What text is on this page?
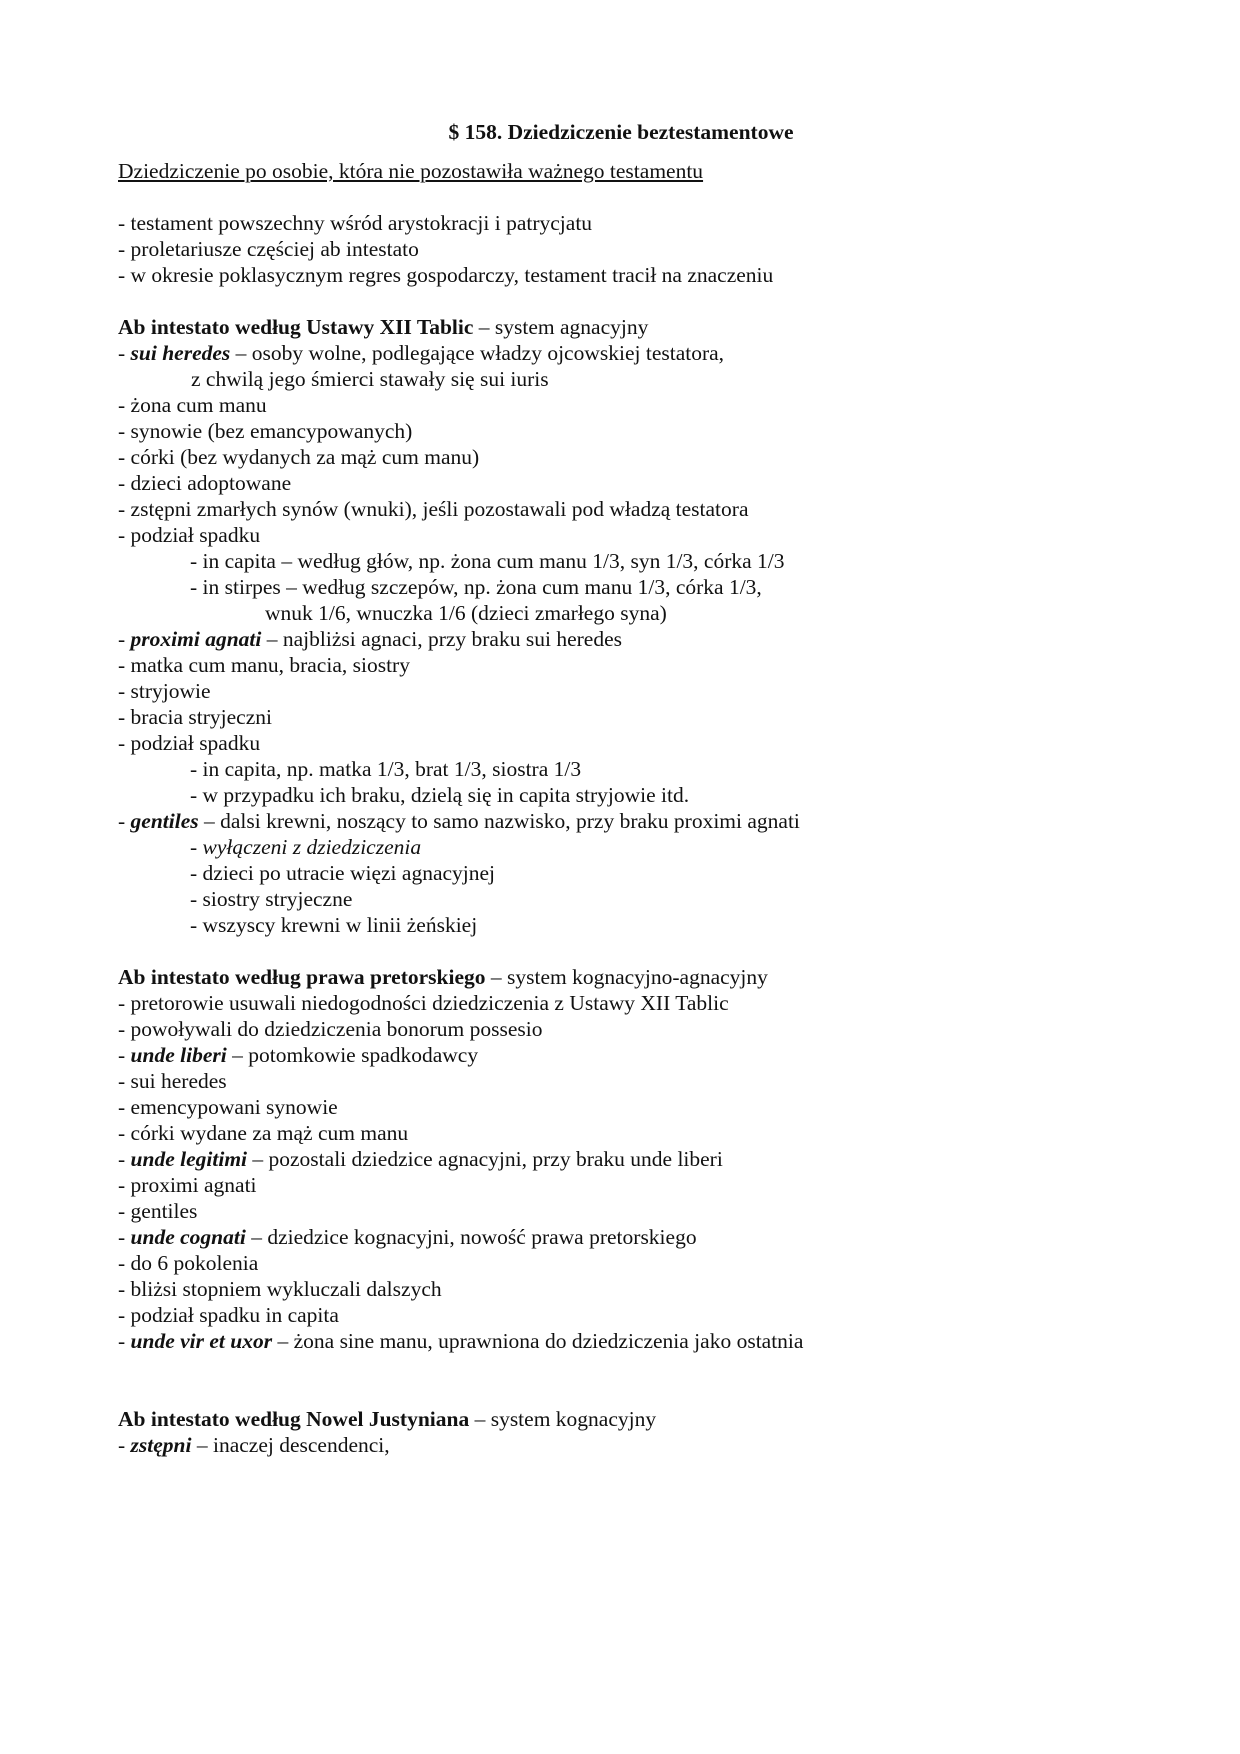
$ 158. Dziedziczenie beztestamentowe
Dziedziczenie po osobie, która nie pozostawiła ważnego testamentu
- testament powszechny wśród arystokracji i patrycjatu
- proletariusze częściej ab intestato
- w okresie poklasycznym regres gospodarczy, testament tracił na znaczeniu
Ab intestato według Ustawy XII Tablic – system agnacyjny
- sui heredes – osoby wolne, podlegające władzy ojcowskiej testatora,
z chwilą jego śmierci stawały się sui iuris
- żona cum manu
- synowie (bez emancypowanych)
- córki (bez wydanych za mąż cum manu)
- dzieci adoptowane
- zstępni zmarłych synów (wnuki), jeśli pozostawali pod władzą testatora
- podział spadku
- in capita – według głów, np. żona cum manu 1/3, syn 1/3, córka 1/3
- in stirpes – według szczepów, np. żona cum manu 1/3, córka 1/3,
wnuk 1/6, wnuczka 1/6 (dzieci zmarłego syna)
- proximi agnati – najbliżsi agnaci, przy braku sui heredes
- matka cum manu, bracia, siostry
- stryjowie
- bracia stryjeczni
- podział spadku
- in capita, np. matka 1/3, brat 1/3, siostra 1/3
- w przypadku ich braku, dzielą się in capita stryjowie itd.
- gentiles – dalsi krewni, noszący to samo nazwisko, przy braku proximi agnati
- wyłączeni z dziedziczenia
- dzieci po utracie więzi agnacyjnej
- siostry stryjeczne
- wszyscy krewni w linii żeńskiej
Ab intestato według prawa pretorskiego – system kognacyjno-agnacyjny
- pretorowie usuwali niedogodności dziedziczenia z Ustawy XII Tablic
- powoływali do dziedziczenia bonorum possesio
- unde liberi – potomkowie spadkodawcy
- sui heredes
- emencypowani synowie
- córki wydane za mąż cum manu
- unde legitimi – pozostali dziedzice agnacyjni, przy braku unde liberi
- proximi agnati
- gentiles
- unde cognati – dziedzice kognacyjni, nowość prawa pretorskiego
- do 6 pokolenia
- bliżsi stopniem wykluczali dalszych
- podział spadku in capita
- unde vir et uxor – żona sine manu, uprawniona do dziedziczenia jako ostatnia
Ab intestato według Nowel Justyniana – system kognacyjny
- zstępni – inaczej descendenci,
